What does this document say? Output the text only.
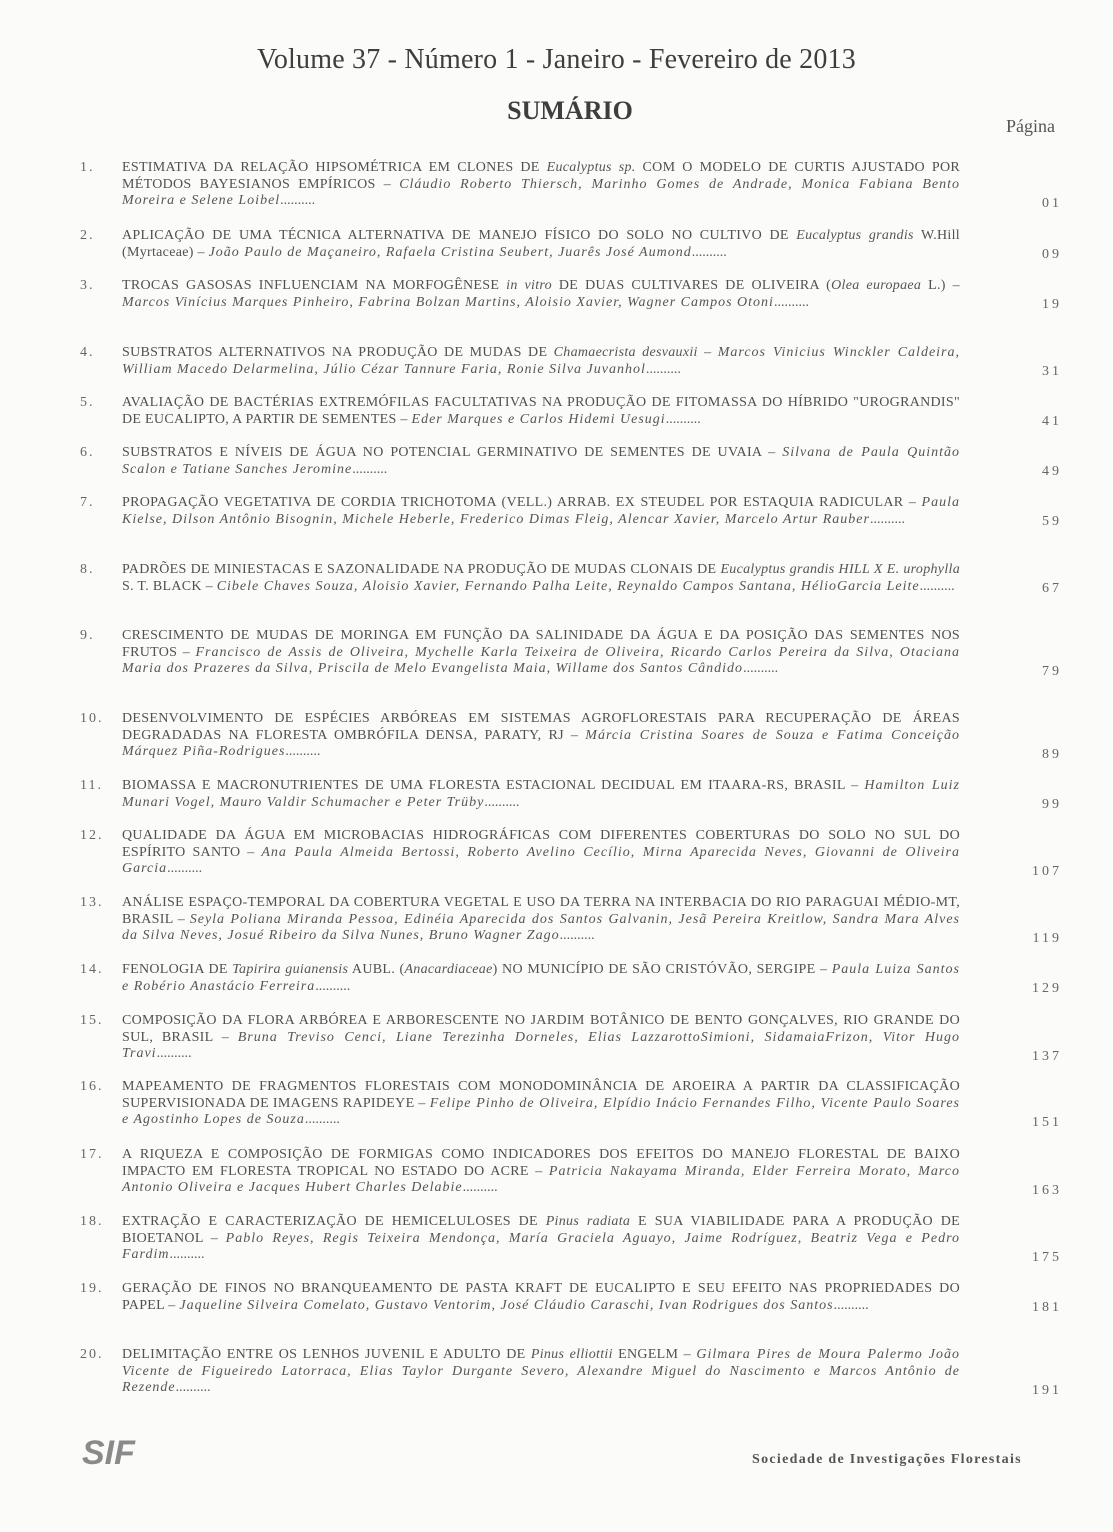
Volume 37 - Número 1 - Janeiro - Fevereiro de 2013
SUMÁRIO
Página
1.	ESTIMATIVA DA RELAÇÃO HIPSOMÉTRICA EM CLONES DE Eucalyptus sp. COM O MODELO DE CURTIS AJUSTADO POR MÉTODOS BAYESIANOS EMPÍRICOS – Cláudio Roberto Thiersch, Marinho Gomes de Andrade, Monica Fabiana Bento Moreira e Selene Loibel..........	01
2.	APLICAÇÃO DE UMA TÉCNICA ALTERNATIVA DE MANEJO FÍSICO DO SOLO NO CULTIVO DE Eucalyptus grandis W.Hill (Myrtaceae) – João Paulo de Maçaneiro, Rafaela Cristina Seubert, Juarês José Aumond..........	09
3.	TROCAS GASOSAS INFLUENCIAM NA MORFOGÊNESE in vitro DE DUAS CULTIVARES DE OLIVEIRA (Olea europaea L.) – Marcos Vinícius Marques Pinheiro, Fabrina Bolzan Martins, Aloisio Xavier, Wagner Campos Otoni..........	19
4.	SUBSTRATOS ALTERNATIVOS NA PRODUÇÃO DE MUDAS DE Chamaecrista desvauxii – Marcos Vinicius Winckler Caldeira, William Macedo Delarmelina, Júlio Cézar Tannure Faria, Ronie Silva Juvanhol..........	31
5.	AVALIAÇÃO DE BACTÉRIAS EXTREMÓFILAS FACULTATIVAS NA PRODUÇÃO DE FITOMASSA DO HÍBRIDO "UROGRANDIS" DE EUCALIPTO, A PARTIR DE SEMENTES – Eder Marques e Carlos Hidemi Uesugi..........	41
6.	SUBSTRATOS E NÍVEIS DE ÁGUA NO POTENCIAL GERMINATIVO DE SEMENTES DE UVAIA – Silvana de Paula Quintão Scalon e Tatiane Sanches Jeromine..........	49
7.	PROPAGAÇÃO VEGETATIVA DE CORDIA TRICHOTOMA (VELL.) ARRAB. EX STEUDEL POR ESTAQUIA RADICULAR – Paula Kielse, Dilson Antônio Bisognin, Michele Heberle, Frederico Dimas Fleig, Alencar Xavier, Marcelo Artur Rauber..........	59
8.	PADRÕES DE MINIESTACAS E SAZONALIDADE NA PRODUÇÃO DE MUDAS CLONAIS DE Eucalyptus grandis HILL X E. urophylla S. T. BLACK – Cibele Chaves Souza, Aloisio Xavier, Fernando Palha Leite, Reynaldo Campos Santana, HélioGarcia Leite..........	67
9.	CRESCIMENTO DE MUDAS DE MORINGA EM FUNÇÃO DA SALINIDADE DA ÁGUA E DA POSIÇÃO DAS SEMENTES NOS FRUTOS – Francisco de Assis de Oliveira, Mychelle Karla Teixeira de Oliveira, Ricardo Carlos Pereira da Silva, Otaciana Maria dos Prazeres da Silva, Priscila de Melo Evangelista Maia, Willame dos Santos Cândido..........	79
10.	DESENVOLVIMENTO DE ESPÉCIES ARBÓREAS EM SISTEMAS AGROFLORESTAIS PARA RECUPERAÇÃO DE ÁREAS DEGRADADAS NA FLORESTA OMBRÓFILA DENSA, PARATY, RJ – Márcia Cristina Soares de Souza e Fatima Conceição Márquez Piña-Rodrigues..........	89
11.	BIOMASSA E MACRONUTRIENTES DE UMA FLORESTA ESTACIONAL DECIDUAL EM ITAARA-RS, BRASIL – Hamilton Luiz Munari Vogel, Mauro Valdir Schumacher e Peter Trüby..........	99
12.	QUALIDADE DA ÁGUA EM MICROBACIAS HIDROGRÁFICAS COM DIFERENTES COBERTURAS DO SOLO NO SUL DO ESPÍRITO SANTO – Ana Paula Almeida Bertossi, Roberto Avelino Cecílio, Mirna Aparecida Neves, Giovanni de Oliveira Garcia..........	107
13.	ANÁLISE ESPAÇO-TEMPORAL DA COBERTURA VEGETAL E USO DA TERRA NA INTERBACIA DO RIO PARAGUAI MÉDIO-MT, BRASIL – Seyla Poliana Miranda Pessoa, Edinéia Aparecida dos Santos Galvanin, Jesã Pereira Kreitlow, Sandra Mara Alves da Silva Neves, Josué Ribeiro da Silva Nunes, Bruno Wagner Zago..........	119
14.	FENOLOGIA DE Tapirira guianensis AUBL. (Anacardiaceae) NO MUNICÍPIO DE SÃO CRISTÓVÃO, SERGIPE – Paula Luiza Santos e Robério Anastácio Ferreira..........	129
15.	COMPOSIÇÃO DA FLORA ARBÓREA E ARBORESCENTE NO JARDIM BOTÂNICO DE BENTO GONÇALVES, RIO GRANDE DO SUL, BRASIL – Bruna Treviso Cenci, Liane Terezinha Dorneles, Elias LazzarottoSimioni, SidamaiaFrizon, Vitor Hugo Travi..........	137
16.	MAPEAMENTO DE FRAGMENTOS FLORESTAIS COM MONODOMINÂNCIA DE AROEIRA A PARTIR DA CLASSIFICAÇÃO SUPERVISIONADA DE IMAGENS RAPIDEYE – Felipe Pinho de Oliveira, Elpídio Inácio Fernandes Filho, Vicente Paulo Soares e Agostinho Lopes de Souza..........	151
17.	A RIQUEZA E COMPOSIÇÃO DE FORMIGAS COMO INDICADORES DOS EFEITOS DO MANEJO FLORESTAL DE BAIXO IMPACTO EM FLORESTA TROPICAL NO ESTADO DO ACRE – Patricia Nakayama Miranda, Elder Ferreira Morato, Marco Antonio Oliveira e Jacques Hubert Charles Delabie..........	163
18.	EXTRAÇÃO E CARACTERIZAÇÃO DE HEMICELULOSES DE Pinus radiata E SUA VIABILIDADE PARA A PRODUÇÃO DE BIOETANOL – Pablo Reyes, Regis Teixeira Mendonça, María Graciela Aguayo, Jaime Rodríguez, Beatriz Vega e Pedro Fardim..........	175
19.	GERAÇÃO DE FINOS NO BRANQUEAMENTO DE PASTA KRAFT DE EUCALIPTO E SEU EFEITO NAS PROPRIEDADES DO PAPEL – Jaqueline Silveira Comelato, Gustavo Ventorim, José Cláudio Caraschi, Ivan Rodrigues dos Santos..........	181
20.	DELIMITAÇÃO ENTRE OS LENHOS JUVENIL E ADULTO DE Pinus elliottii ENGELM – Gilmara Pires de Moura Palermo João Vicente de Figueiredo Latorraca, Elias Taylor Durgante Severo, Alexandre Miguel do Nascimento e Marcos Antônio de Rezende..........	191
SIF	Sociedade de Investigações Florestais
